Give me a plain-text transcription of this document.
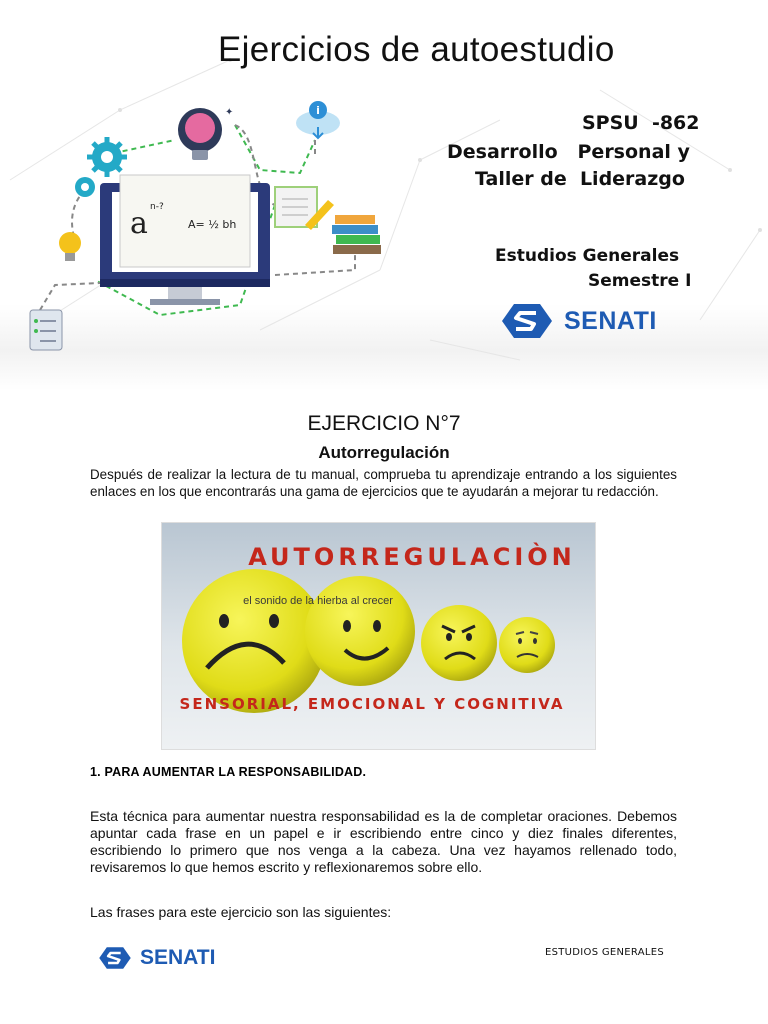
Ejercicios de autoestudio
✦	i
a n-?
A= ½ bh
SPSU  -862
Desarrollo   Personal y
Taller de  Liderazgo
Estudios Generales
Semestre I
SENATI
EJERCICIO N°7
Autorregulación
Después de realizar la lectura de tu manual, comprueba tu aprendizaje entrando a los siguientes enlaces en los que encontrarás una gama de ejercicios que te ayudarán a mejorar tu redacción.
AUTORREGULACIÒN
el sonido de la hierba al crecer
SENSORIAL, EMOCIONAL Y COGNITIVA
1. PARA AUMENTAR LA RESPONSABILIDAD.
Esta técnica para aumentar nuestra responsabilidad es la de completar oraciones. Debemos apuntar cada frase en un papel e ir escribiendo entre cinco y diez finales diferentes, escribiendo lo primero que nos venga a la cabeza. Una vez hayamos rellenado todo, revisaremos lo que hemos escrito y reflexionaremos sobre ello.
Las frases para este ejercicio son las siguientes:
SENATI	ESTUDIOS GENERALES
